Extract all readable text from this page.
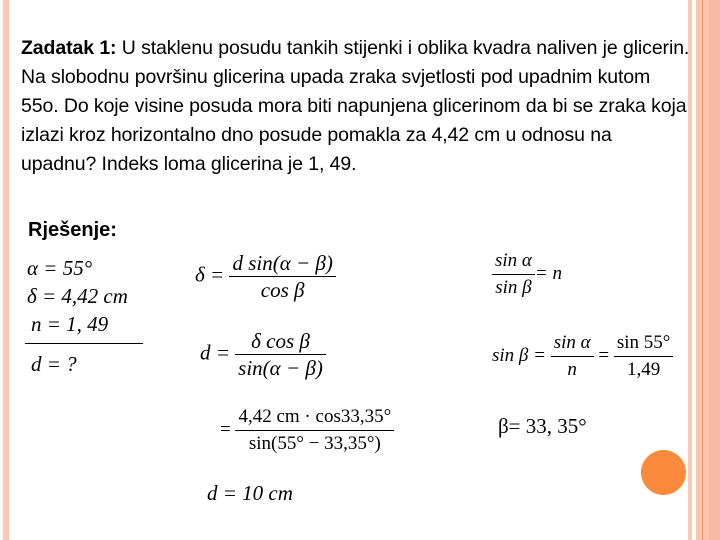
Zadatak 1: U staklenu posudu tankih stijenki i oblika kvadra naliven je glicerin. Na slobodnu površinu glicerina upada zraka svjetlosti pod upadnim kutom 55o. Do koje visine posuda mora biti napunjena glicerinom da bi se zraka koja izlazi kroz horizontalno dno posude pomakla za 4,42 cm u odnosu na upadnu? Indeks loma glicerina je 1, 49.
Rješenje:
α = 55°
δ = 4,42 cm
n = 1, 49
d = ?
$\delta = \frac{\text{d sin(α − β)}}{\text{cos β}}$
$d = \frac{\text{δ cos β}}{\sin(\alpha - \beta)}$
= $\frac{4,42 cm \cdot \cos 33,35^\circ}{\sin(55^\circ - 33,35^\circ)}$
d = 10 cm
$\frac{\text{sin α}}{\text{sin β}} = n$
$\sin \beta = \frac{\text{sin α}}{n} = \frac{\sin 55^\circ}{1,49}$
β= 33, 35°
